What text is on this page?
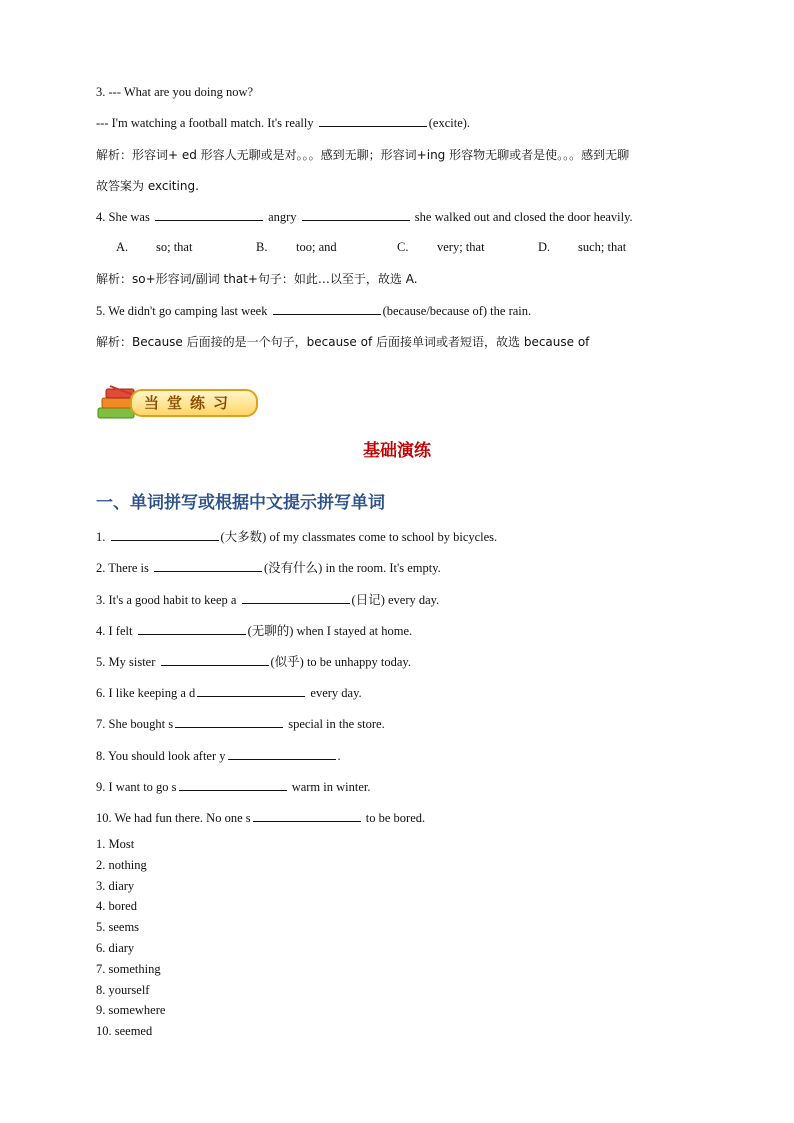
3. --- What are you doing now?
--- I'm watching a football match. It's really	(excite).
解析：形容词+ ed 形容人无聊或是对。。。感到无聊；形容词+ing 形容物无聊或者是使。。。感到无聊
故答案为 exciting.
4. She was	angry	she walked out and closed the door heavily.
A. so; that	B. too; and	C. very; that	D. such; that
解析：so+形容词/副词 that+句子：如此…以至于，故选 A.
5. We didn't go camping last week	(because/because of) the rain.
解析：Because 后面接的是一个句子，because of 后面接单词或者短语，故选 because of
当堂练习
基础演练
一、单词拼写或根据中文提示拼写单词
1.	(大多数) of my classmates come to school by bicycles.
2. There is	(没有什么) in the room. It's empty.
3. It's a good habit to keep a	(日记) every day.
4. I felt	(无聊的) when I stayed at home.
5. My sister	(似乎) to be unhappy today.
6. I like keeping a d	every day.
7. She bought s	special in the store.
8. You should look after y	.
9. I want to go s	warm in winter.
10. We had fun there. No one s	to be bored.
1. Most
2. nothing
3. diary
4. bored
5. seems
6. diary
7. something
8. yourself
9. somewhere
10. seemed
